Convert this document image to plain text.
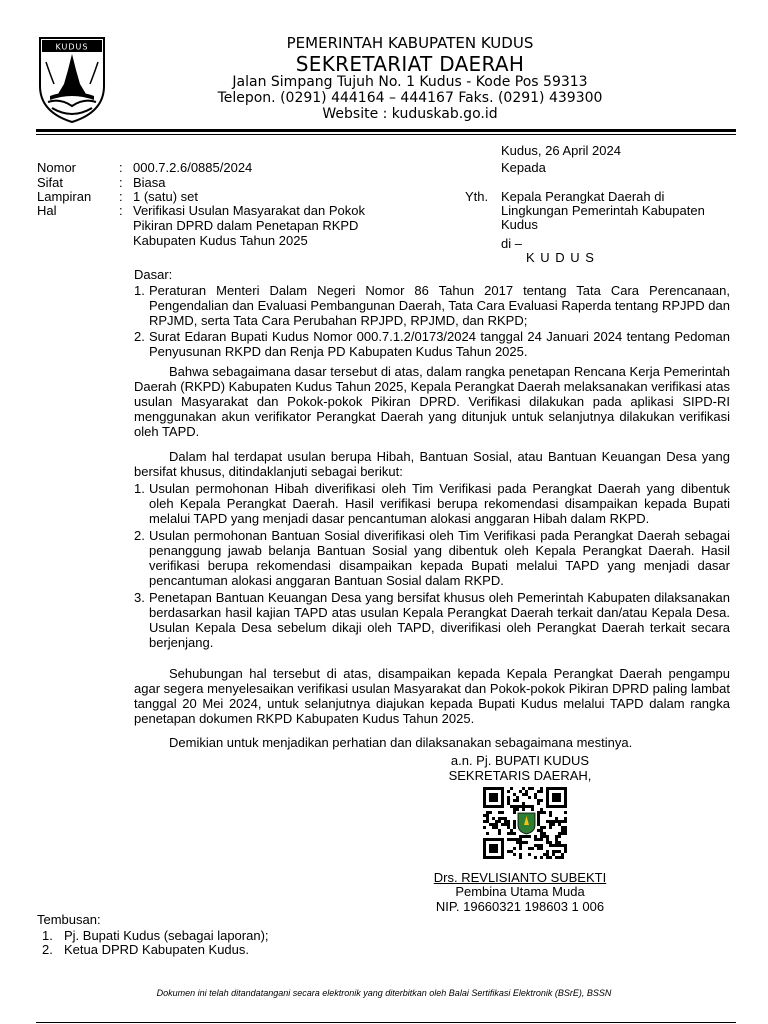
KUDUS	PEMERINTAH KABUPATEN KUDUS
SEKRETARIAT DAERAH
Jalan Simpang Tujuh No. 1 Kudus - Kode Pos 59313
Telepon. (0291) 444164 – 444167 Faks. (0291) 439300
Website : kuduskab.go.id
Kudus, 26 April 2024
Nomor	: 000.7.2.6/0885/2024
Sifat	: Biasa
Lampiran	: 1 (satu) set
Hal	: Verifikasi Usulan Masyarakat dan Pokok Pikiran DPRD dalam Penetapan RKPD Kabupaten Kudus Tahun 2025
Kepada
Yth. Kepala Perangkat Daerah di
Lingkungan Pemerintah Kabupaten
Kudus
di –
K U D U S
Dasar:
1. Peraturan Menteri Dalam Negeri Nomor 86 Tahun 2017 tentang Tata Cara Perencanaan, Pengendalian dan Evaluasi Pembangunan Daerah, Tata Cara Evaluasi Raperda tentang RPJPD dan RPJMD, serta Tata Cara Perubahan RPJPD, RPJMD, dan RKPD;
2. Surat Edaran Bupati Kudus Nomor 000.7.1.2/0173/2024 tanggal 24 Januari 2024 tentang Pedoman Penyusunan RKPD dan Renja PD Kabupaten Kudus Tahun 2025.

Bahwa sebagaimana dasar tersebut di atas, dalam rangka penetapan Rencana Kerja Pemerintah Daerah (RKPD) Kabupaten Kudus Tahun 2025, Kepala Perangkat Daerah melaksanakan verifikasi atas usulan Masyarakat dan Pokok-pokok Pikiran DPRD. Verifikasi dilakukan pada aplikasi SIPD-RI menggunakan akun verifikator Perangkat Daerah yang ditunjuk untuk selanjutnya dilakukan verifikasi oleh TAPD.

Dalam hal terdapat usulan berupa Hibah, Bantuan Sosial, atau Bantuan Keuangan Desa yang bersifat khusus, ditindaklanjuti sebagai berikut:

1. Usulan permohonan Hibah diverifikasi oleh Tim Verifikasi pada Perangkat Daerah yang dibentuk oleh Kepala Perangkat Daerah. Hasil verifikasi berupa rekomendasi disampaikan kepada Bupati melalui TAPD yang menjadi dasar pencantuman alokasi anggaran Hibah dalam RKPD.
2. Usulan permohonan Bantuan Sosial diverifikasi oleh Tim Verifikasi pada Perangkat Daerah sebagai penanggung jawab belanja Bantuan Sosial yang dibentuk oleh Kepala Perangkat Daerah. Hasil verifikasi berupa rekomendasi disampaikan kepada Bupati melalui TAPD yang menjadi dasar pencantuman alokasi anggaran Bantuan Sosial dalam RKPD.
3. Penetapan Bantuan Keuangan Desa yang bersifat khusus oleh Pemerintah Kabupaten dilaksanakan berdasarkan hasil kajian TAPD atas usulan Kepala Perangkat Daerah terkait dan/atau Kepala Desa. Usulan Kepala Desa sebelum dikaji oleh TAPD, diverifikasi oleh Perangkat Daerah terkait secara berjenjang.

Sehubungan hal tersebut di atas, disampaikan kepada Kepala Perangkat Daerah pengampu agar segera menyelesaikan verifikasi usulan Masyarakat dan Pokok-pokok Pikiran DPRD paling lambat tanggal 20 Mei 2024, untuk selanjutnya diajukan kepada Bupati Kudus melalui TAPD dalam rangka penetapan dokumen RKPD Kabupaten Kudus Tahun 2025.

Demikian untuk menjadikan perhatian dan dilaksanakan sebagaimana mestinya.

a.n. Pj. BUPATI KUDUS
SEKRETARIS DAERAH,
Drs. REVLISIANTO SUBEKTI
Pembina Utama Muda
NIP. 19660321 198603 1 006
Tembusan:
1. Pj. Bupati Kudus (sebagai laporan);
2. Ketua DPRD Kabupaten Kudus.
Dokumen ini telah ditandatangani secara elektronik yang diterbitkan oleh Balai Sertifikasi Elektronik (BSrE), BSSN
